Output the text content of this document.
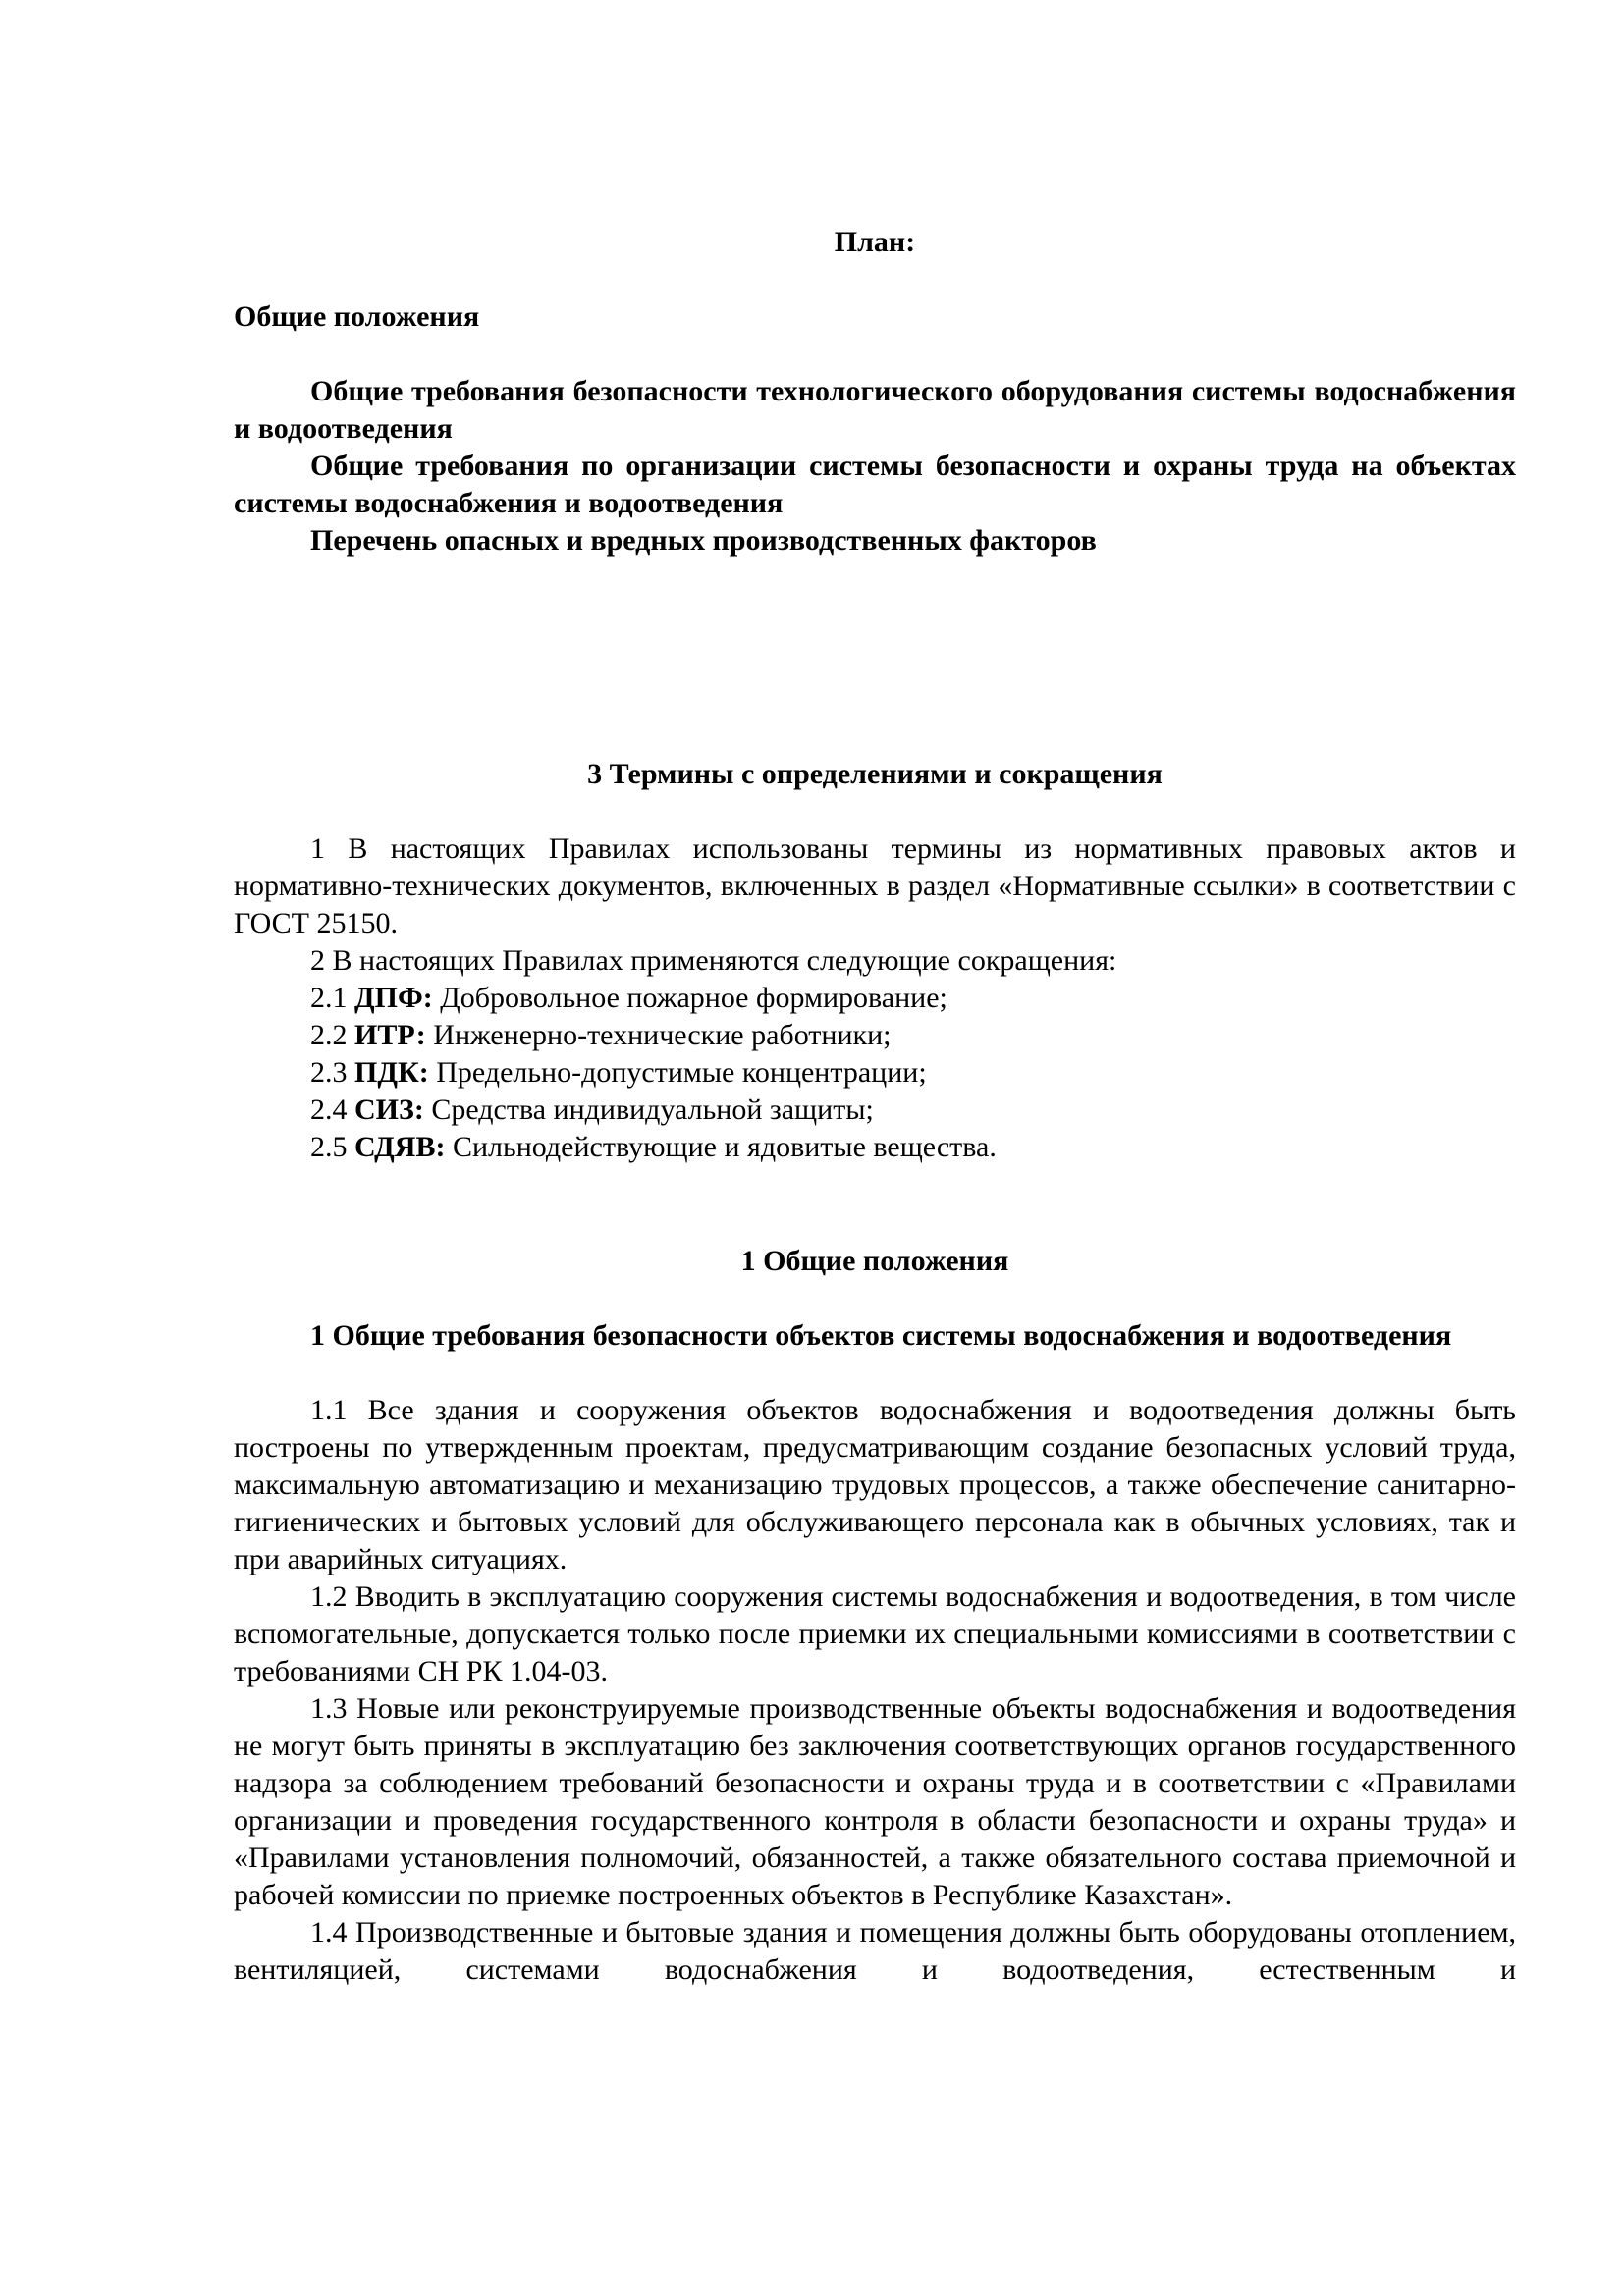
План:

Общие положения

Общие требования безопасности технологического оборудования системы водоснабжения и водоотведения

Общие требования по организации системы безопасности и охраны труда на объектах системы водоснабжения и водоотведения

Перечень опасных и вредных производственных факторов

3 Термины с определениями и сокращения

1 В настоящих Правилах использованы термины из нормативных правовых актов и нормативно-технических документов, включенных в раздел «Нормативные ссылки» в соответствии с ГОСТ 25150.

2 В настоящих Правилах применяются следующие сокращения:

2.1 ДПФ: Добровольное пожарное формирование;

2.2 ИТР: Инженерно-технические работники;

2.3 ПДК: Предельно-допустимые концентрации;

2.4 СИЗ: Средства индивидуальной защиты;

2.5 СДЯВ: Сильнодействующие и ядовитые вещества.

1 Общие положения

1 Общие требования безопасности объектов системы водоснабжения и водоотведения

1.1 Все здания и сооружения объектов водоснабжения и водоотведения должны быть построены по утвержденным проектам, предусматривающим создание безопасных условий труда, максимальную автоматизацию и механизацию трудовых процессов, а также обеспечение санитарно-гигиенических и бытовых условий для обслуживающего персонала как в обычных условиях, так и при аварийных ситуациях.

1.2 Вводить в эксплуатацию сооружения системы водоснабжения и водоотведения, в том числе вспомогательные, допускается только после приемки их специальными комиссиями в соответствии с требованиями СН РК 1.04-03.

1.3 Новые или реконструируемые производственные объекты водоснабжения и водоотведения не могут быть приняты в эксплуатацию без заключения соответствующих органов государственного надзора за соблюдением требований безопасности и охраны труда и в соответствии с «Правилами организации и проведения государственного контроля в области безопасности и охраны труда» и «Правилами установления полномочий, обязанностей, а также обязательного состава приемочной и рабочей комиссии по приемке построенных объектов в Республике Казахстан».

1.4 Производственные и бытовые здания и помещения должны быть оборудованы отоплением, вентиляцией, системами водоснабжения и водоотведения, естественным и
